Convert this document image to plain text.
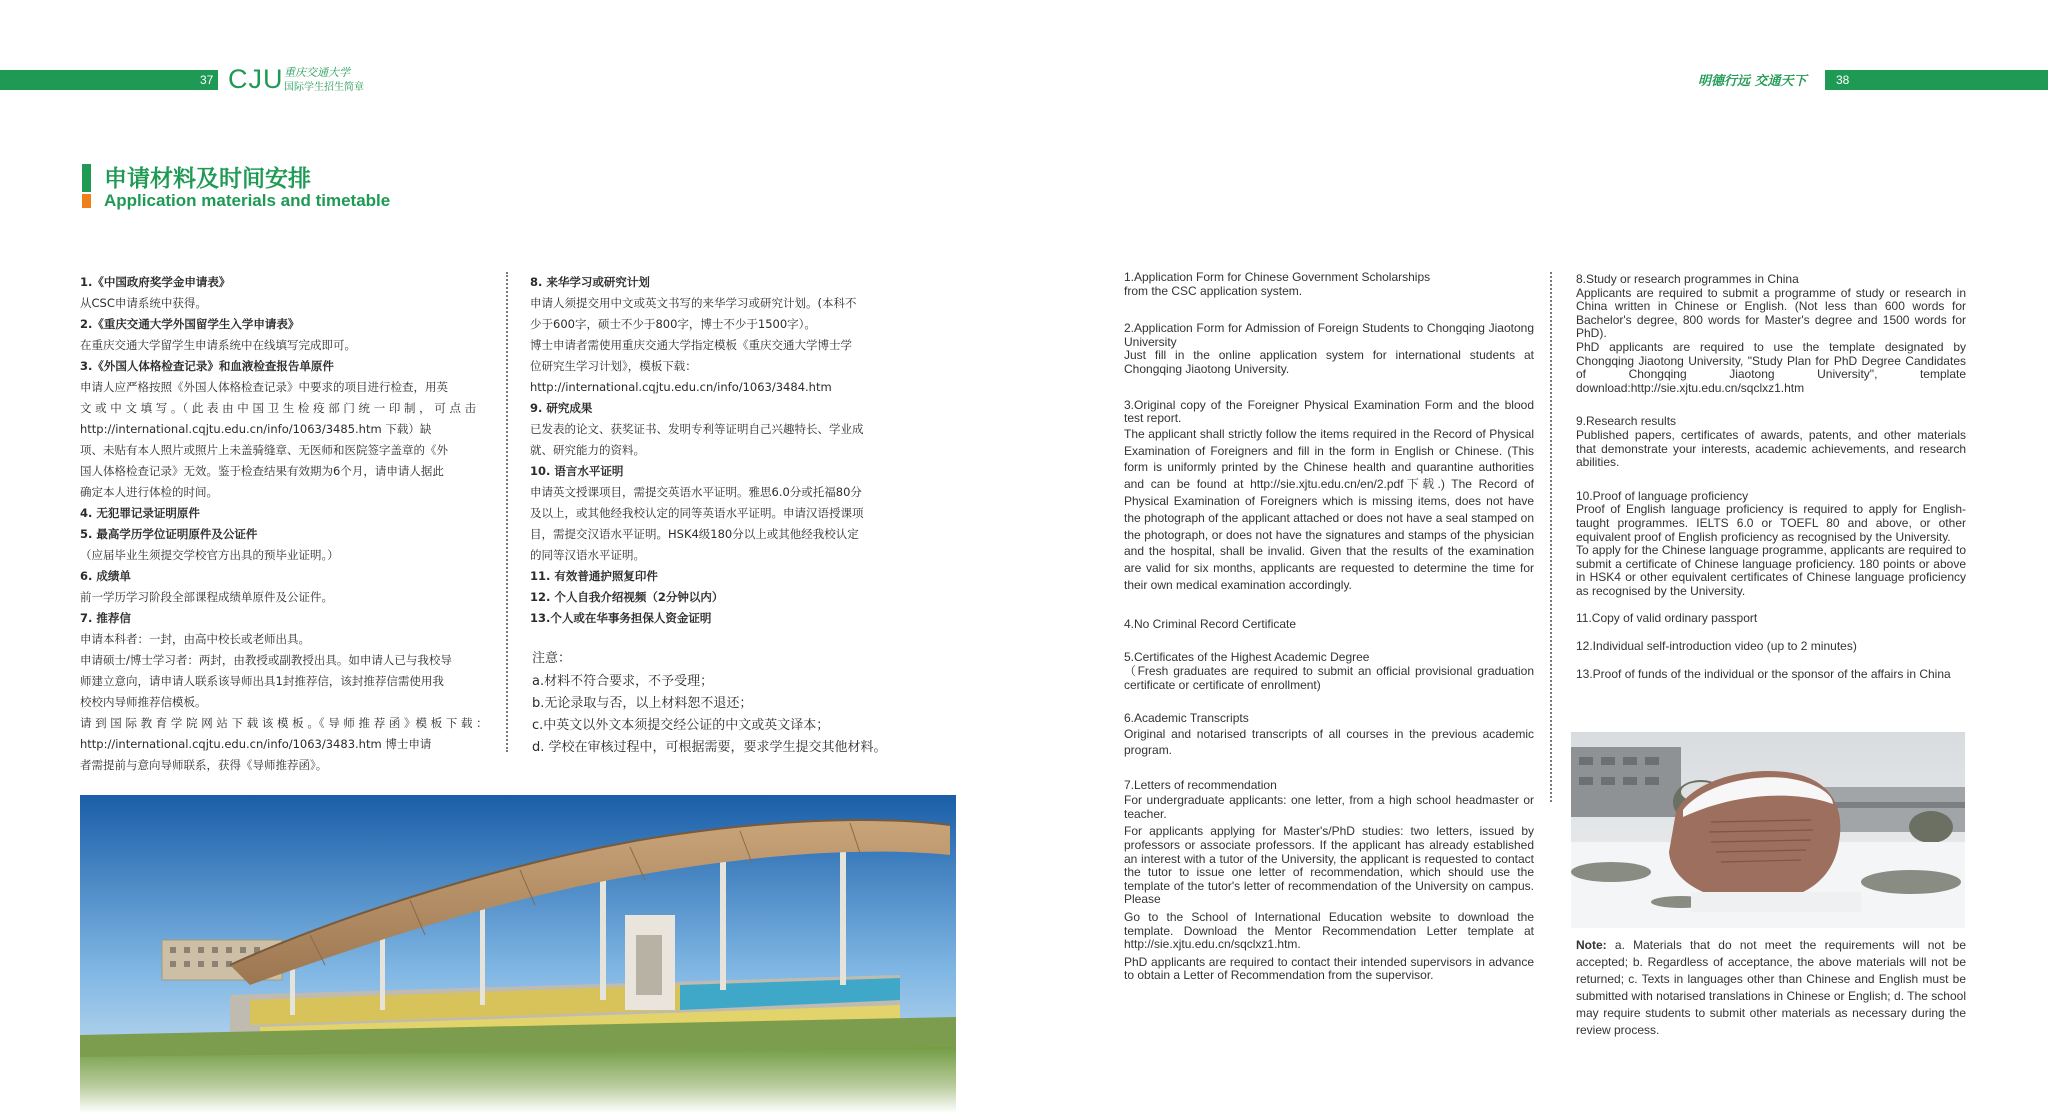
37 CJU 重庆交通大学
国际学生招生简章	明德行远 交通天下 38
申请材料及时间安排
Application materials and timetable
1.《中国政府奖学金申请表》
从CSC申请系统中获得。
2.《重庆交通大学外国留学生入学申请表》
在重庆交通大学留学生申请系统中在线填写完成即可。
3.《外国人体格检查记录》和血液检查报告单原件
申请人应严格按照《外国人体格检查记录》中要求的项目进行检查，用英
文 或 中 文 填 写 。（ 此 表 由 中 国 卫 生 检 疫 部 门 统 一 印 制 ， 可 点 击
http://international.cqjtu.edu.cn/info/1063/3485.htm 下载）缺
项、未贴有本人照片或照片上未盖骑缝章、无医师和医院签字盖章的《外
国人体格检查记录》无效。鉴于检查结果有效期为6个月，请申请人据此
确定本人进行体检的时间。
4. 无犯罪记录证明原件
5. 最高学历学位证明原件及公证件
（应届毕业生须提交学校官方出具的预毕业证明。）
6. 成绩单
前一学历学习阶段全部课程成绩单原件及公证件。
7. 推荐信
申请本科者：一封，由高中校长或老师出具。
申请硕士/博士学习者：两封，由教授或副教授出具。如申请人已与我校导
师建立意向，请申请人联系该导师出具1封推荐信，该封推荐信需使用我
校校内导师推荐信模板。
请 到 国 际 教 育 学 院 网 站 下 载 该 模 板 。《 导 师 推 荐 函 》模 板 下 载 ：
http://international.cqjtu.edu.cn/info/1063/3483.htm 博士申请
者需提前与意向导师联系，获得《导师推荐函》。
8. 来华学习或研究计划
申请人须提交用中文或英文书写的来华学习或研究计划。(本科不
少于600字，硕士不少于800字，博士不少于1500字）。
博士申请者需使用重庆交通大学指定模板《重庆交通大学博士学
位研究生学习计划》，模板下载：
http://international.cqjtu.edu.cn/info/1063/3484.htm
9. 研究成果
已发表的论文、获奖证书、发明专利等证明自己兴趣特长、学业成
就、研究能力的资料。
10. 语言水平证明
申请英文授课项目，需提交英语水平证明。雅思6.0分或托福80分
及以上，或其他经我校认定的同等英语水平证明。申请汉语授课项
目，需提交汉语水平证明。HSK4级180分以上或其他经我校认定
的同等汉语水平证明。
11. 有效普通护照复印件
12. 个人自我介绍视频（2分钟以内）
13.个人或在华事务担保人资金证明
注意：
a.材料不符合要求，不予受理；
b.无论录取与否，以上材料恕不退还；
c.中英文以外文本须提交经公证的中文或英文译本；
d. 学校在审核过程中，可根据需要，要求学生提交其他材料。

1.Application Form for Chinese Government Scholarships

from the CSC application system.

2.Application Form for Admission of Foreign Students to Chongqing Jiaotong University

Just fill in the online application system for international students at Chongqing Jiaotong University.

3.Original copy of the Foreigner Physical Examination Form and the blood test report.

The applicant shall strictly follow the items required in the Record of Physical Examination of Foreigners and fill in the form in English or Chinese. (This form is uniformly printed by the Chinese health and quarantine authorities and can be found at http://sie.xjtu.edu.cn/en/2.pdf下载.) The Record of Physical Examination of Foreigners which is missing items, does not have the photograph of the applicant attached or does not have a seal stamped on the photograph, or does not have the signatures and stamps of the physician and the hospital, shall be invalid. Given that the results of the examination are valid for six months, applicants are requested to determine the time for their own medical examination accordingly.

4.No Criminal Record Certificate

5.Certificates of the Highest Academic Degree

（Fresh graduates are required to submit an official provisional graduation certificate or certificate of enrollment)

6.Academic Transcripts

Original and notarised transcripts of all courses in the previous academic program.

7.Letters of recommendation

For undergraduate applicants: one letter, from a high school headmaster or teacher.

For applicants applying for Master's/PhD studies: two letters, issued by professors or associate professors. If the applicant has already established an interest with a tutor of the University, the applicant is requested to contact the tutor to issue one letter of recommendation, which should use the template of the tutor's letter of recommendation of the University on campus. Please

Go to the School of International Education website to download the template. Download the Mentor Recommendation Letter template at http://sie.xjtu.edu.cn/sqclxz1.htm.

PhD applicants are required to contact their intended supervisors in advance to obtain a Letter of Recommendation from the supervisor.

8.Study or research programmes in China

Applicants are required to submit a programme of study or research in China written in Chinese or English. (Not less than 600 words for Bachelor's degree, 800 words for Master's degree and 1500 words for PhD).

PhD applicants are required to use the template designated by Chongqing Jiaotong University, "Study Plan for PhD Degree Candidates of Chongqing Jiaotong University", template download:http://sie.xjtu.edu.cn/sqclxz1.htm

9.Research results

Published papers, certificates of awards, patents, and other materials that demonstrate your interests, academic achievements, and research abilities.

10.Proof of language proficiency

Proof of English language proficiency is required to apply for English-taught programmes. IELTS 6.0 or TOEFL 80 and above, or other equivalent proof of English proficiency as recognised by the University.

To apply for the Chinese language programme, applicants are required to submit a certificate of Chinese language proficiency. 180 points or above in HSK4 or other equivalent certificates of Chinese language proficiency as recognised by the University.

11.Copy of valid ordinary passport

12.Individual self-introduction video (up to 2 minutes)

13.Proof of funds of the individual or the sponsor of the affairs in China

Note: a. Materials that do not meet the requirements will not be accepted; b. Regardless of acceptance, the above materials will not be returned; c. Texts in languages other than Chinese and English must be submitted with notarised translations in Chinese or English; d. The school may require students to submit other materials as necessary during the review process.
